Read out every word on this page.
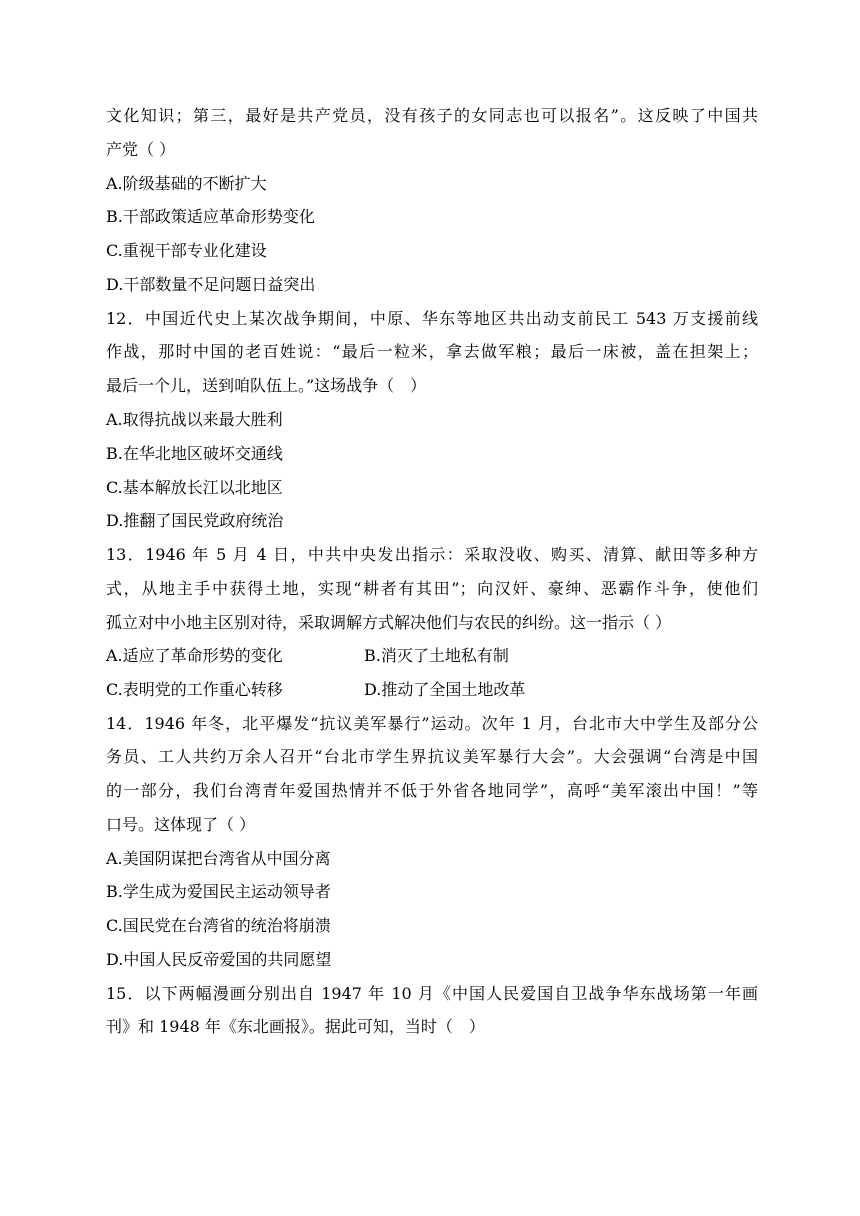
文化知识；第三，最好是共产党员，没有孩子的女同志也可以报名”。这反映了中国共
产党（ ）
A.阶级基础的不断扩大
B.干部政策适应革命形势变化
C.重视干部专业化建设
D.干部数量不足问题日益突出
12．中国近代史上某次战争期间，中原、华东等地区共出动支前民工 543 万支援前线
作战，那时中国的老百姓说：“最后一粒米，拿去做军粮；最后一床被，盖在担架上；
最后一个儿，送到咱队伍上。”这场战争（　）
A.取得抗战以来最大胜利
B.在华北地区破坏交通线
C.基本解放长江以北地区
D.推翻了国民党政府统治
13．1946 年 5 月 4 日，中共中央发出指示：采取没收、购买、清算、献田等多种方
式，从地主手中获得土地，实现“耕者有其田”；向汉奸、豪绅、恶霸作斗争，使他们
孤立对中小地主区别对待，采取调解方式解决他们与农民的纠纷。这一指示（ ）
A.适应了革命形势的变化	B.消灭了土地私有制
C.表明党的工作重心转移	D.推动了全国土地改革
14．1946 年冬，北平爆发“抗议美军暴行”运动。次年 1 月，台北市大中学生及部分公
务员、工人共约万余人召开“台北市学生界抗议美军暴行大会”。大会强调“台湾是中国
的一部分，我们台湾青年爱国热情并不低于外省各地同学”，高呼“美军滚出中国！”等
口号。这体现了（ ）
A.美国阴谋把台湾省从中国分离
B.学生成为爱国民主运动领导者
C.国民党在台湾省的统治将崩溃
D.中国人民反帝爱国的共同愿望
15．以下两幅漫画分别出自 1947 年 10 月《中国人民爱国自卫战争华东战场第一年画
刊》和 1948 年《东北画报》。据此可知，当时（　）
